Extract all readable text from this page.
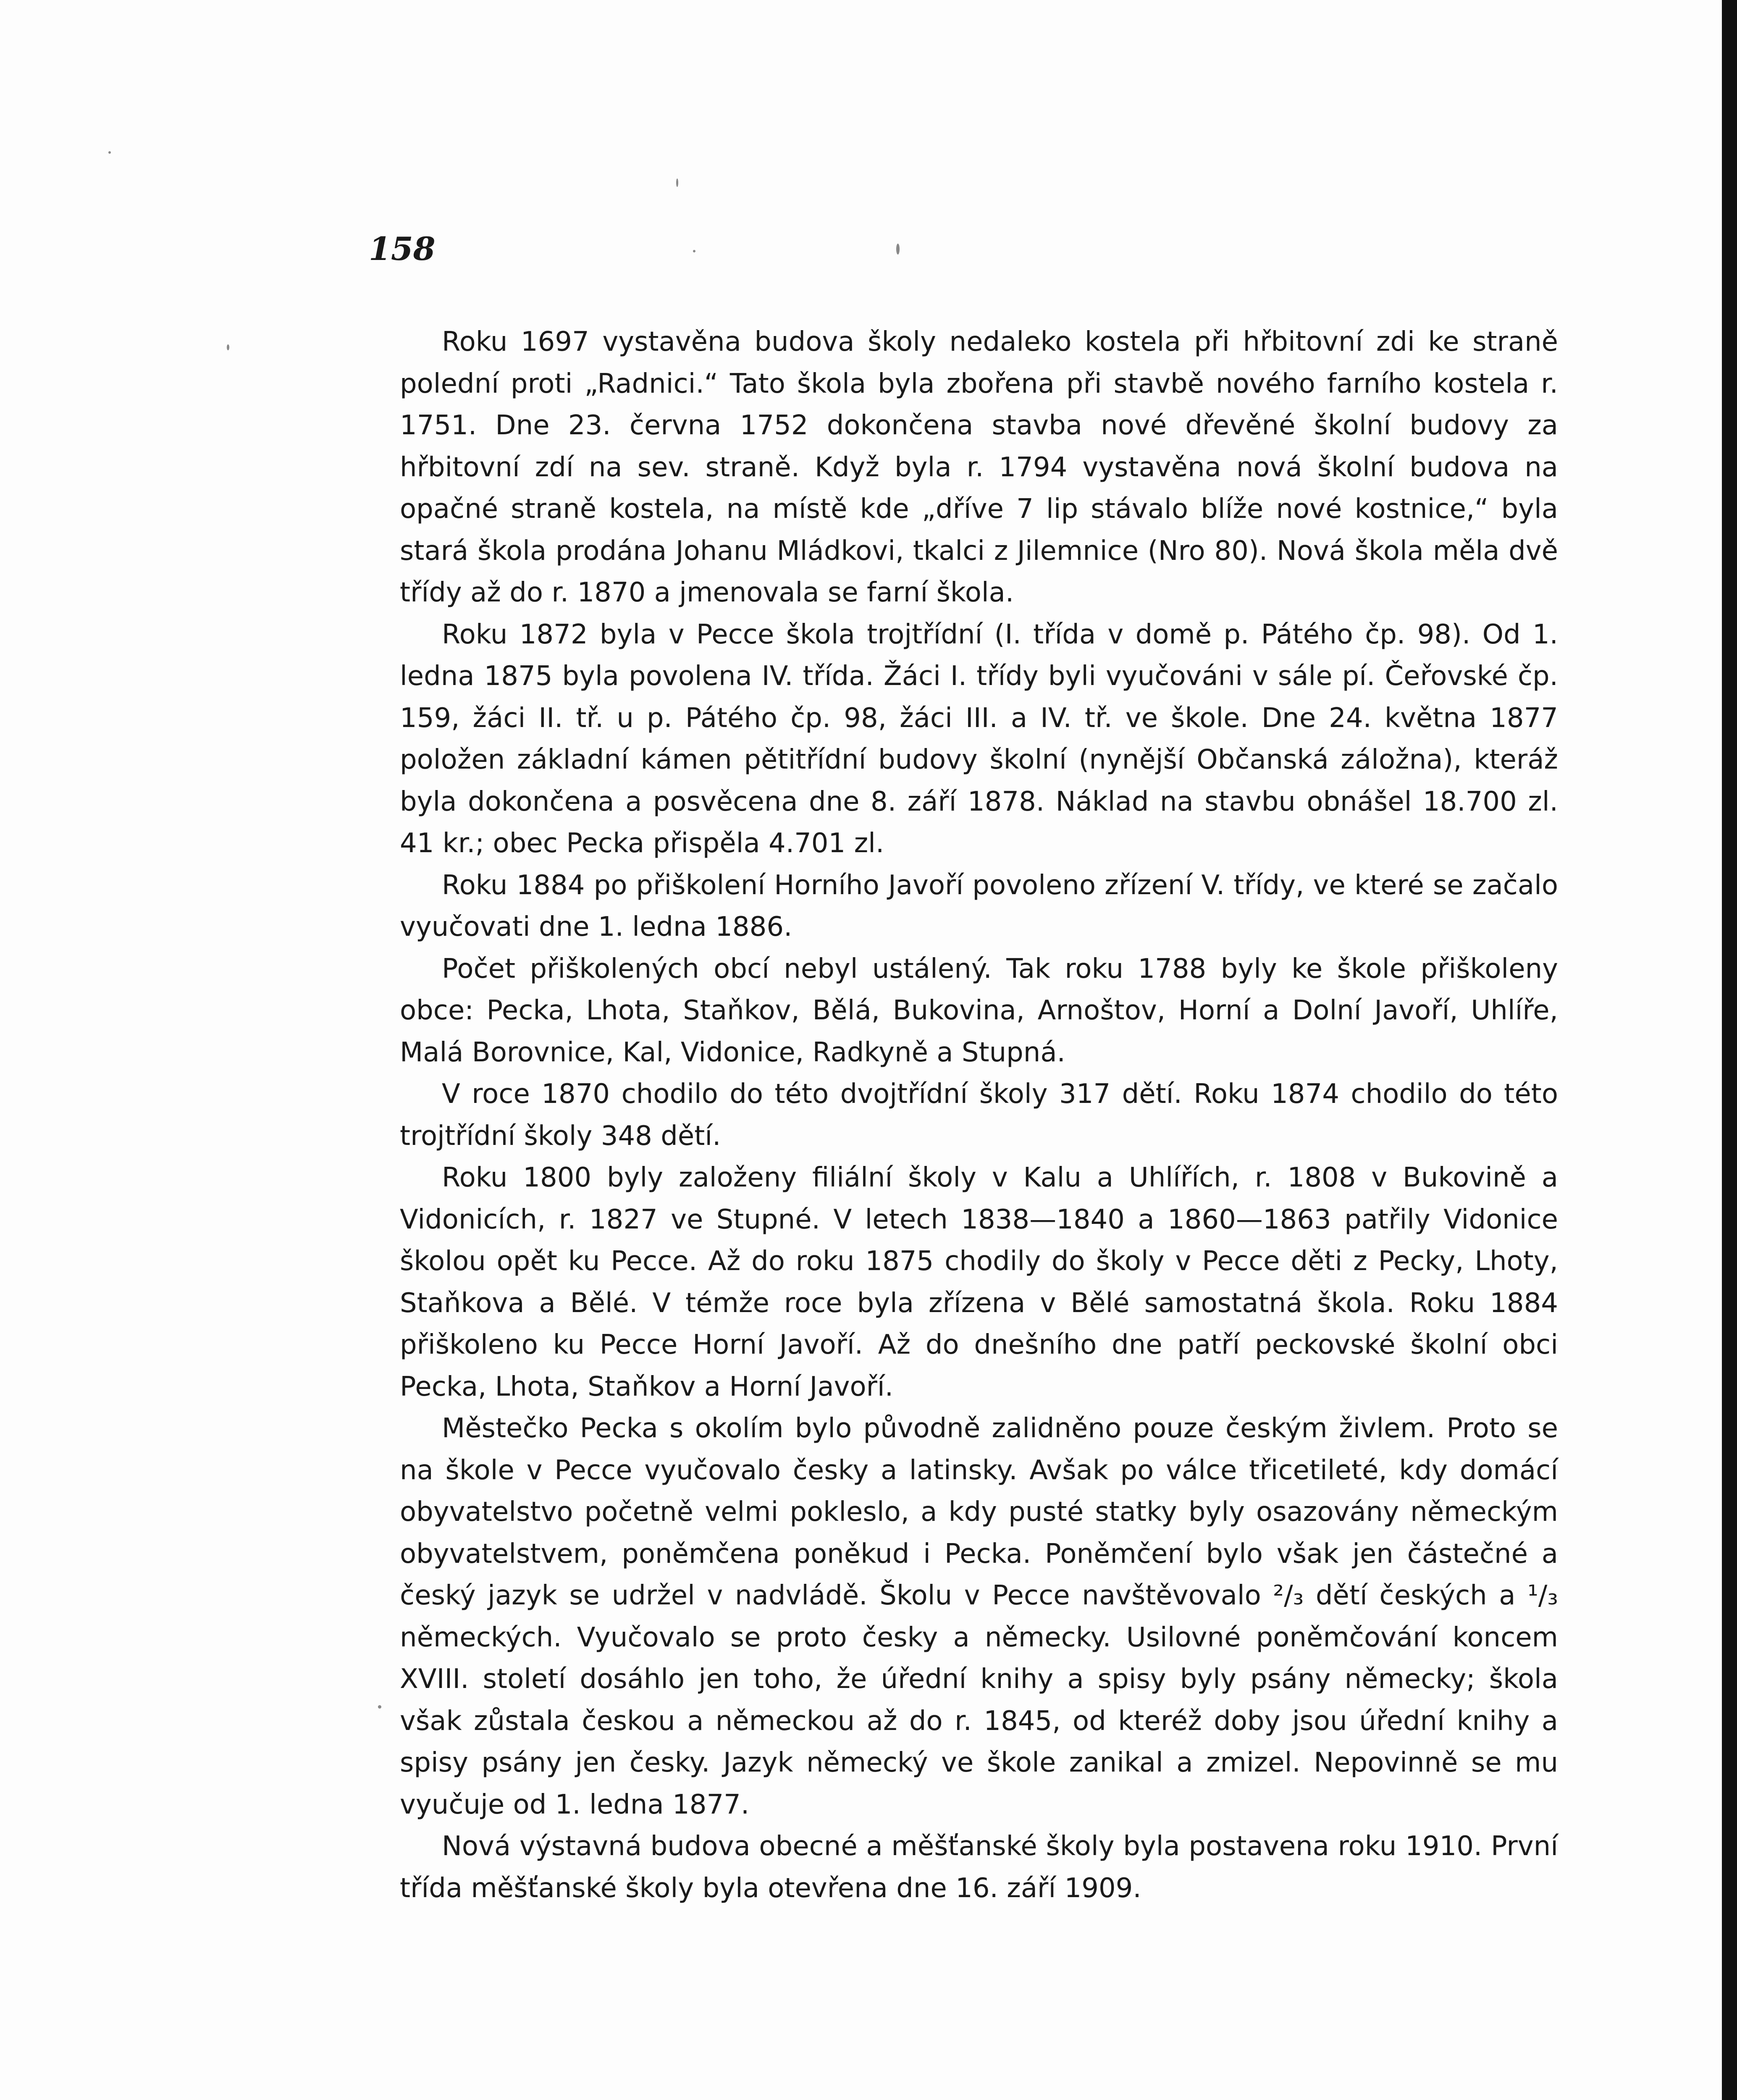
158

Roku 1697 vystavěna budova školy nedaleko kostela při hřbitovní zdi ke straně polední proti „Radnici.“ Tato škola byla zbořena při stavbě nového farního kostela r. 1751. Dne 23. června 1752 dokončena stavba nové dřevěné školní budovy za hřbitovní zdí na sev. straně. Když byla r. 1794 vystavěna nová školní budova na opačné straně kostela, na místě kde „dříve 7 lip stávalo blíže nové kostnice,“ byla stará škola prodána Johanu Mládkovi, tkalci z Jilemnice (Nro 80). Nová škola měla dvě třídy až do r. 1870 a jmenovala se farní škola.

Roku 1872 byla v Pecce škola trojtřídní (I. třída v domě p. Pátého čp. 98). Od 1. ledna 1875 byla povolena IV. třída. Žáci I. třídy byli vyučováni v sále pí. Čeřovské čp. 159, žáci II. tř. u p. Pátého čp. 98, žáci III. a IV. tř. ve škole. Dne 24. května 1877 položen základní kámen pětitřídní budovy školní (nynější Občanská záložna), kteráž byla dokončena a posvěcena dne 8. září 1878. Náklad na stavbu obnášel 18.700 zl. 41 kr.; obec Pecka přispěla 4.701 zl.

Roku 1884 po přiškolení Horního Javoří povoleno zřízení V. třídy, ve které se začalo vyučovati dne 1. ledna 1886.

Počet přiškolených obcí nebyl ustálený. Tak roku 1788 byly ke škole přiškoleny obce: Pecka, Lhota, Staňkov, Bělá, Bukovina, Arnoštov, Horní a Dolní Javoří, Uhlíře, Malá Borovnice, Kal, Vidonice, Radkyně a Stupná.

V roce 1870 chodilo do této dvojtřídní školy 317 dětí. Roku 1874 chodilo do této trojtřídní školy 348 dětí.

Roku 1800 byly založeny filiální školy v Kalu a Uhlířích, r. 1808 v Bukovině a Vidonicích, r. 1827 ve Stupné. V letech 1838—1840 a 1860—1863 patřily Vidonice školou opět ku Pecce. Až do roku 1875 chodily do školy v Pecce děti z Pecky, Lhoty, Staňkova a Bělé. V témže roce byla zřízena v Bělé samostatná škola. Roku 1884 přiškoleno ku Pecce Horní Javoří. Až do dnešního dne patří peckovské školní obci Pecka, Lhota, Staňkov a Horní Javoří.

Městečko Pecka s okolím bylo původně zalidněno pouze českým živlem. Proto se na škole v Pecce vyučovalo česky a latinsky. Avšak po válce třicetileté, kdy domácí obyvatelstvo početně velmi pokleslo, a kdy pusté statky byly osazovány německým obyvatelstvem, poněmčena poněkud i Pecka. Poněmčení bylo však jen částečné a český jazyk se udržel v nadvládě. Školu v Pecce navštěvovalo ²/₃ dětí českých a ¹/₃ německých. Vyučovalo se proto česky a německy. Usilovné poněmčování koncem XVIII. století dosáhlo jen toho, že úřední knihy a spisy byly psány německy; škola však zůstala českou a německou až do r. 1845, od kteréž doby jsou úřední knihy a spisy psány jen česky. Jazyk německý ve škole zanikal a zmizel. Nepovinně se mu vyučuje od 1. ledna 1877.

Nová výstavná budova obecné a měšťanské školy byla postavena roku 1910. První třída měšťanské školy byla otevřena dne 16. září 1909.
